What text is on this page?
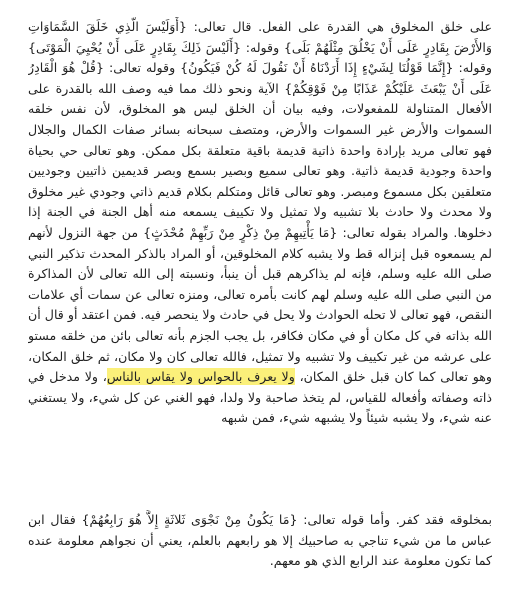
على خلق المخلوق هي القدرة على الفعل. قال تعالى: {أَوَلَيْسَ الَّذِي خَلَقَ السَّمَاوَاتِ وَالأَرْضَ بِقَادِرٍ عَلَى أَنْ يَخْلُقَ مِثْلَهُمْ بَلَى} وقوله: {أَلَيْسَ ذَلِكَ بِقَادِرٍ عَلَى أَنْ يُحْيِيَ الْمَوْتَى} وقوله: {إِنَّمَا قَوْلُنَا لِشَيْءٍ إِذَا أَرَدْنَاهُ أَنْ نَقُولَ لَهُ كُنْ فَيَكُونُ} وقوله تعالى: {قُلْ هُوَ الْقَادِرُ عَلَى أَنْ يَبْعَثَ عَلَيْكُمْ عَذَابًا مِنْ فَوْقِكُمْ} الآية ونحو ذلك مما فيه وصف الله بالقدرة على الأفعال المتناولة للمفعولات، وفيه بيان أن الخلق ليس هو المخلوق، لأن نفس خلقه السموات والأرض غير السموات والأرض، ومتصف سبحانه بسائر صفات الكمال والجلال فهو تعالى مريد بإرادة واحدة ذاتية قديمة باقية متعلقة بكل ممكن. وهو تعالى حي بحياة واحدة وجودية قديمة ذاتية. وهو تعالى سميع وبصير بسمع وبصر قديمين ذاتيين وجوديين متعلقين بكل مسموع ومبصر. وهو تعالى قائل ومتكلم بكلام قديم ذاتي وجودي غير مخلوق ولا محدث ولا حادث بلا تشبيه ولا تمثيل ولا تكييف يسمعه منه أهل الجنة في الجنة إذا دخلوها. والمراد بقوله تعالى: {مَا يَأْتِيهِمْ مِنْ ذِكْرٍ مِنْ رَبِّهِمْ مُحْدَثٍ} من جهة النزول لأنهم لم يسمعوه قبل إنزاله قط ولا يشبه كلام المخلوقين، أو المراد بالذكر المحدث تذكير النبي صلى الله عليه وسلم، فإنه لم يذاكرهم قبل أن ينبأ، ونسبته إلى الله تعالى لأن المذاكرة من النبي صلى الله عليه وسلم لهم كانت بأمره تعالى، ومنزه تعالى عن سمات أي علامات النقص، فهو تعالى لا تحله الحوادث ولا يحل في حادث ولا ينحصر فيه. فمن اعتقد أو قال أن الله بذاته في كل مكان أو في مكان فكافر، بل يجب الجزم بأنه تعالى بائن من خلقه مستو على عرشه من غير تكييف ولا تشبيه ولا تمثيل، فالله تعالى كان ولا مكان، ثم خلق المكان، وهو تعالى كما كان قبل خلق المكان، ولا يعرف بالحواس ولا يقاس بالناس، ولا مدخل في ذاته وصفاته وأفعاله للقياس، لم يتخذ صاحبة ولا ولدا، فهو الغني عن كل شيء، ولا يستغني عنه شيء، ولا يشبه شيئاً ولا يشبهه شيء، فمن شبهه
بمخلوقه فقد كفر. وأما قوله تعالى: {مَا يَكُونُ مِنْ نَجْوَى ثَلاثَةٍ إِلاَّ هُوَ رَابِعُهُمْ} فقال ابن عباس ما من شيء تناجي به صاحبيك إلا هو رابعهم بالعلم، يعني أن نجواهم معلومة عنده كما تكون معلومة عند الرابع الذي هو معهم.
